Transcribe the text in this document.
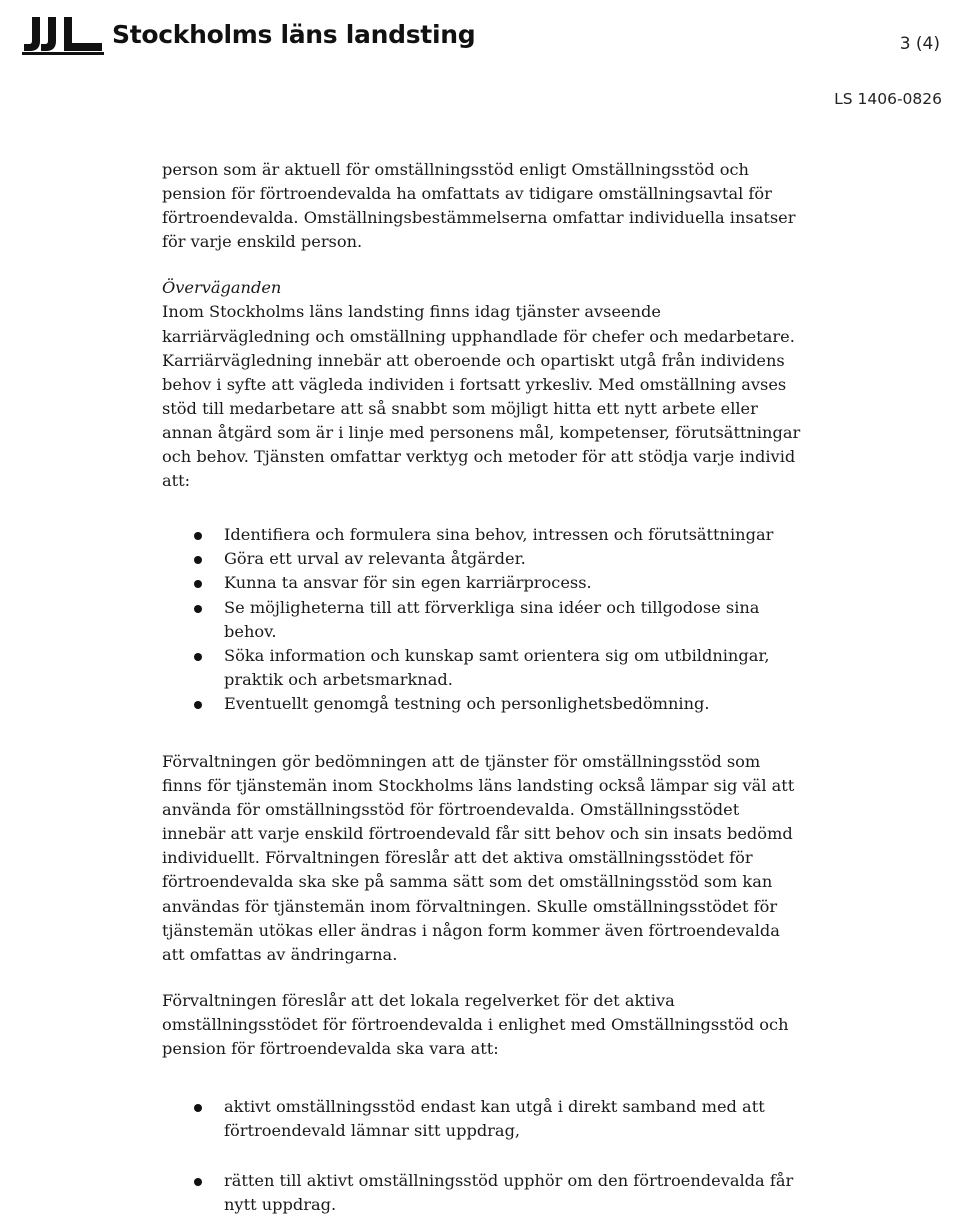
Stockholms läns landsting	3 (4)
LS 1406-0826

person som är aktuell för omställningsstöd enligt Omställningsstöd och pension för förtroendevalda ha omfattats av tidigare omställningsavtal för förtroendevalda. Omställningsbestämmelserna omfattar individuella insatser för varje enskild person.

Överväganden

Inom Stockholms läns landsting finns idag tjänster avseende karriärvägledning och omställning upphandlade för chefer och medarbetare. Karriärvägledning innebär att oberoende och opartiskt utgå från individens behov i syfte att vägleda individen i fortsatt yrkesliv. Med omställning avses stöd till medarbetare att så snabbt som möjligt hitta ett nytt arbete eller annan åtgärd som är i linje med personens mål, kompetenser, förutsättningar och behov. Tjänsten omfattar verktyg och metoder för att stödja varje individ att:

Identifiera och formulera sina behov, intressen och förutsättningar
Göra ett urval av relevanta åtgärder.
Kunna ta ansvar för sin egen karriärprocess.
Se möjligheterna till att förverkliga sina idéer och tillgodose sina behov.
Söka information och kunskap samt orientera sig om utbildningar, praktik och arbetsmarknad.
Eventuellt genomgå testning och personlighetsbedömning.

Förvaltningen gör bedömningen att de tjänster för omställningsstöd som finns för tjänstemän inom Stockholms läns landsting också lämpar sig väl att använda för omställningsstöd för förtroendevalda. Omställningsstödet innebär att varje enskild förtroendevald får sitt behov och sin insats bedömd individuellt. Förvaltningen föreslår att det aktiva omställningsstödet för förtroendevalda ska ske på samma sätt som det omställningsstöd som kan användas för tjänstemän inom förvaltningen. Skulle omställningsstödet för tjänstemän utökas eller ändras i någon form kommer även förtroendevalda att omfattas av ändringarna.

Förvaltningen föreslår att det lokala regelverket för det aktiva omställningsstödet för förtroendevalda i enlighet med Omställningsstöd och pension för förtroendevalda ska vara att:

aktivt omställningsstöd endast kan utgå i direkt samband med att förtroendevald lämnar sitt uppdrag,
rätten till aktivt omställningsstöd upphör om den förtroendevalda får nytt uppdrag.
